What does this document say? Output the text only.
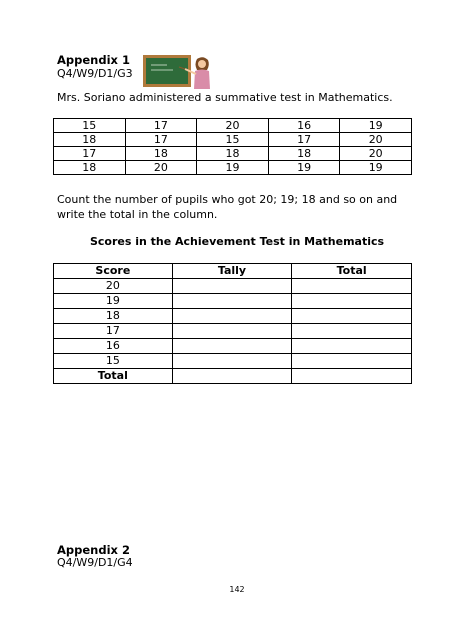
Appendix 1
Q4/W9/D1/G3
Mrs. Soriano administered a summative test in Mathematics.
15	17	20	16	19
18	17	15	17	20
17	18	18	18	20
18	20	19	19	19
Count the number of pupils who got 20; 19; 18 and so on and write the total in the column.
Scores in the Achievement Test in Mathematics
Score	Tally	Total
20		
19		
18		
17		
16		
15		
Total		
Appendix 2
Q4/W9/D1/G4
142
